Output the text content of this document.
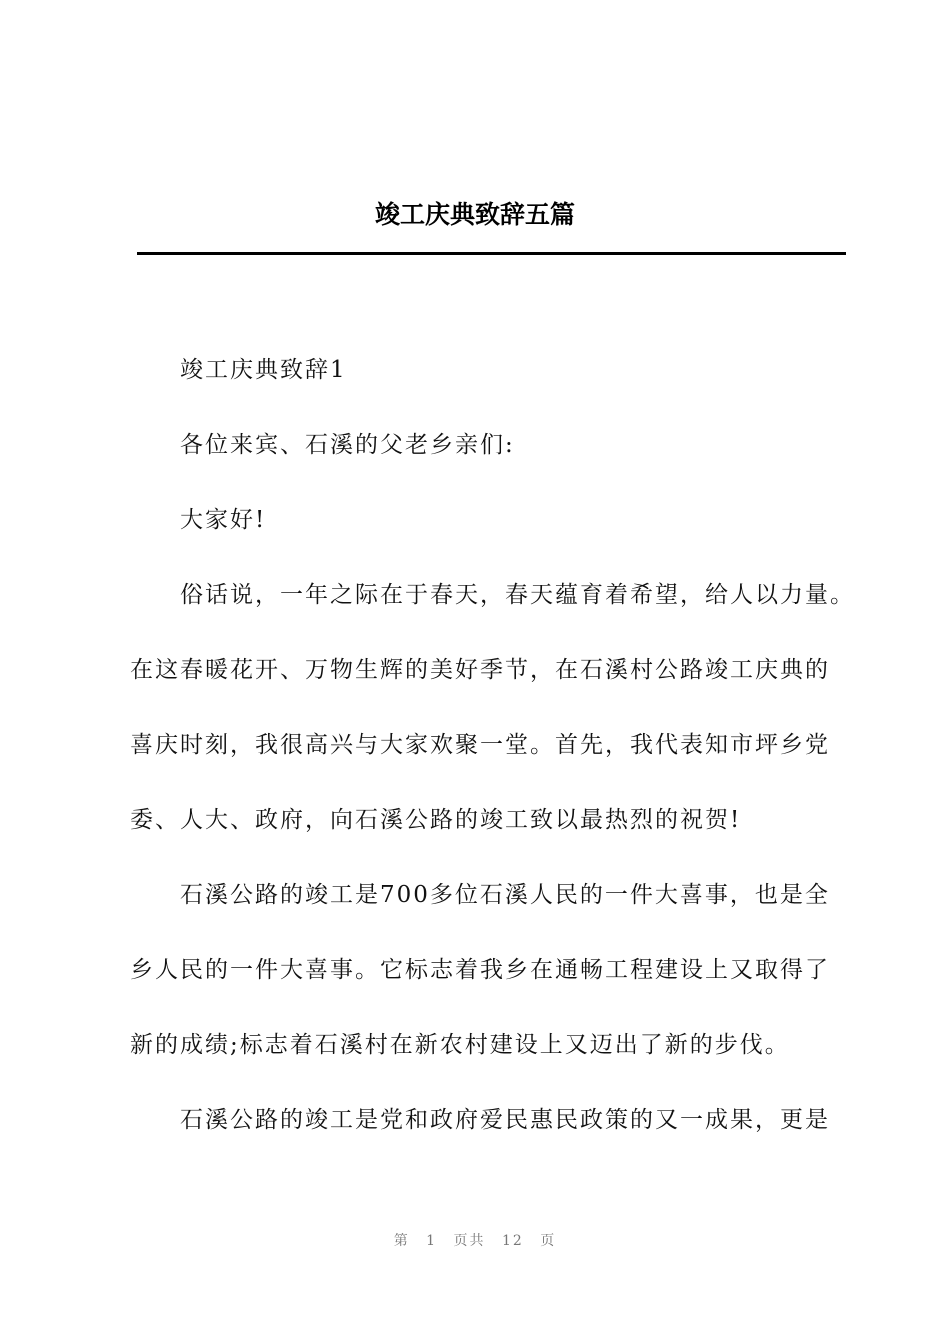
竣工庆典致辞五篇
竣工庆典致辞1
各位来宾、石溪的父老乡亲们:
大家好!
俗话说，一年之际在于春天，春天蕴育着希望，给人以力量。
在这春暖花开、万物生辉的美好季节，在石溪村公路竣工庆典的
喜庆时刻，我很高兴与大家欢聚一堂。首先，我代表知市坪乡党
委、人大、政府，向石溪公路的竣工致以最热烈的祝贺!
石溪公路的竣工是700多位石溪人民的一件大喜事，也是全
乡人民的一件大喜事。它标志着我乡在通畅工程建设上又取得了
新的成绩;标志着石溪村在新农村建设上又迈出了新的步伐。
石溪公路的竣工是党和政府爱民惠民政策的又一成果，更是
第 1 页共 12 页
